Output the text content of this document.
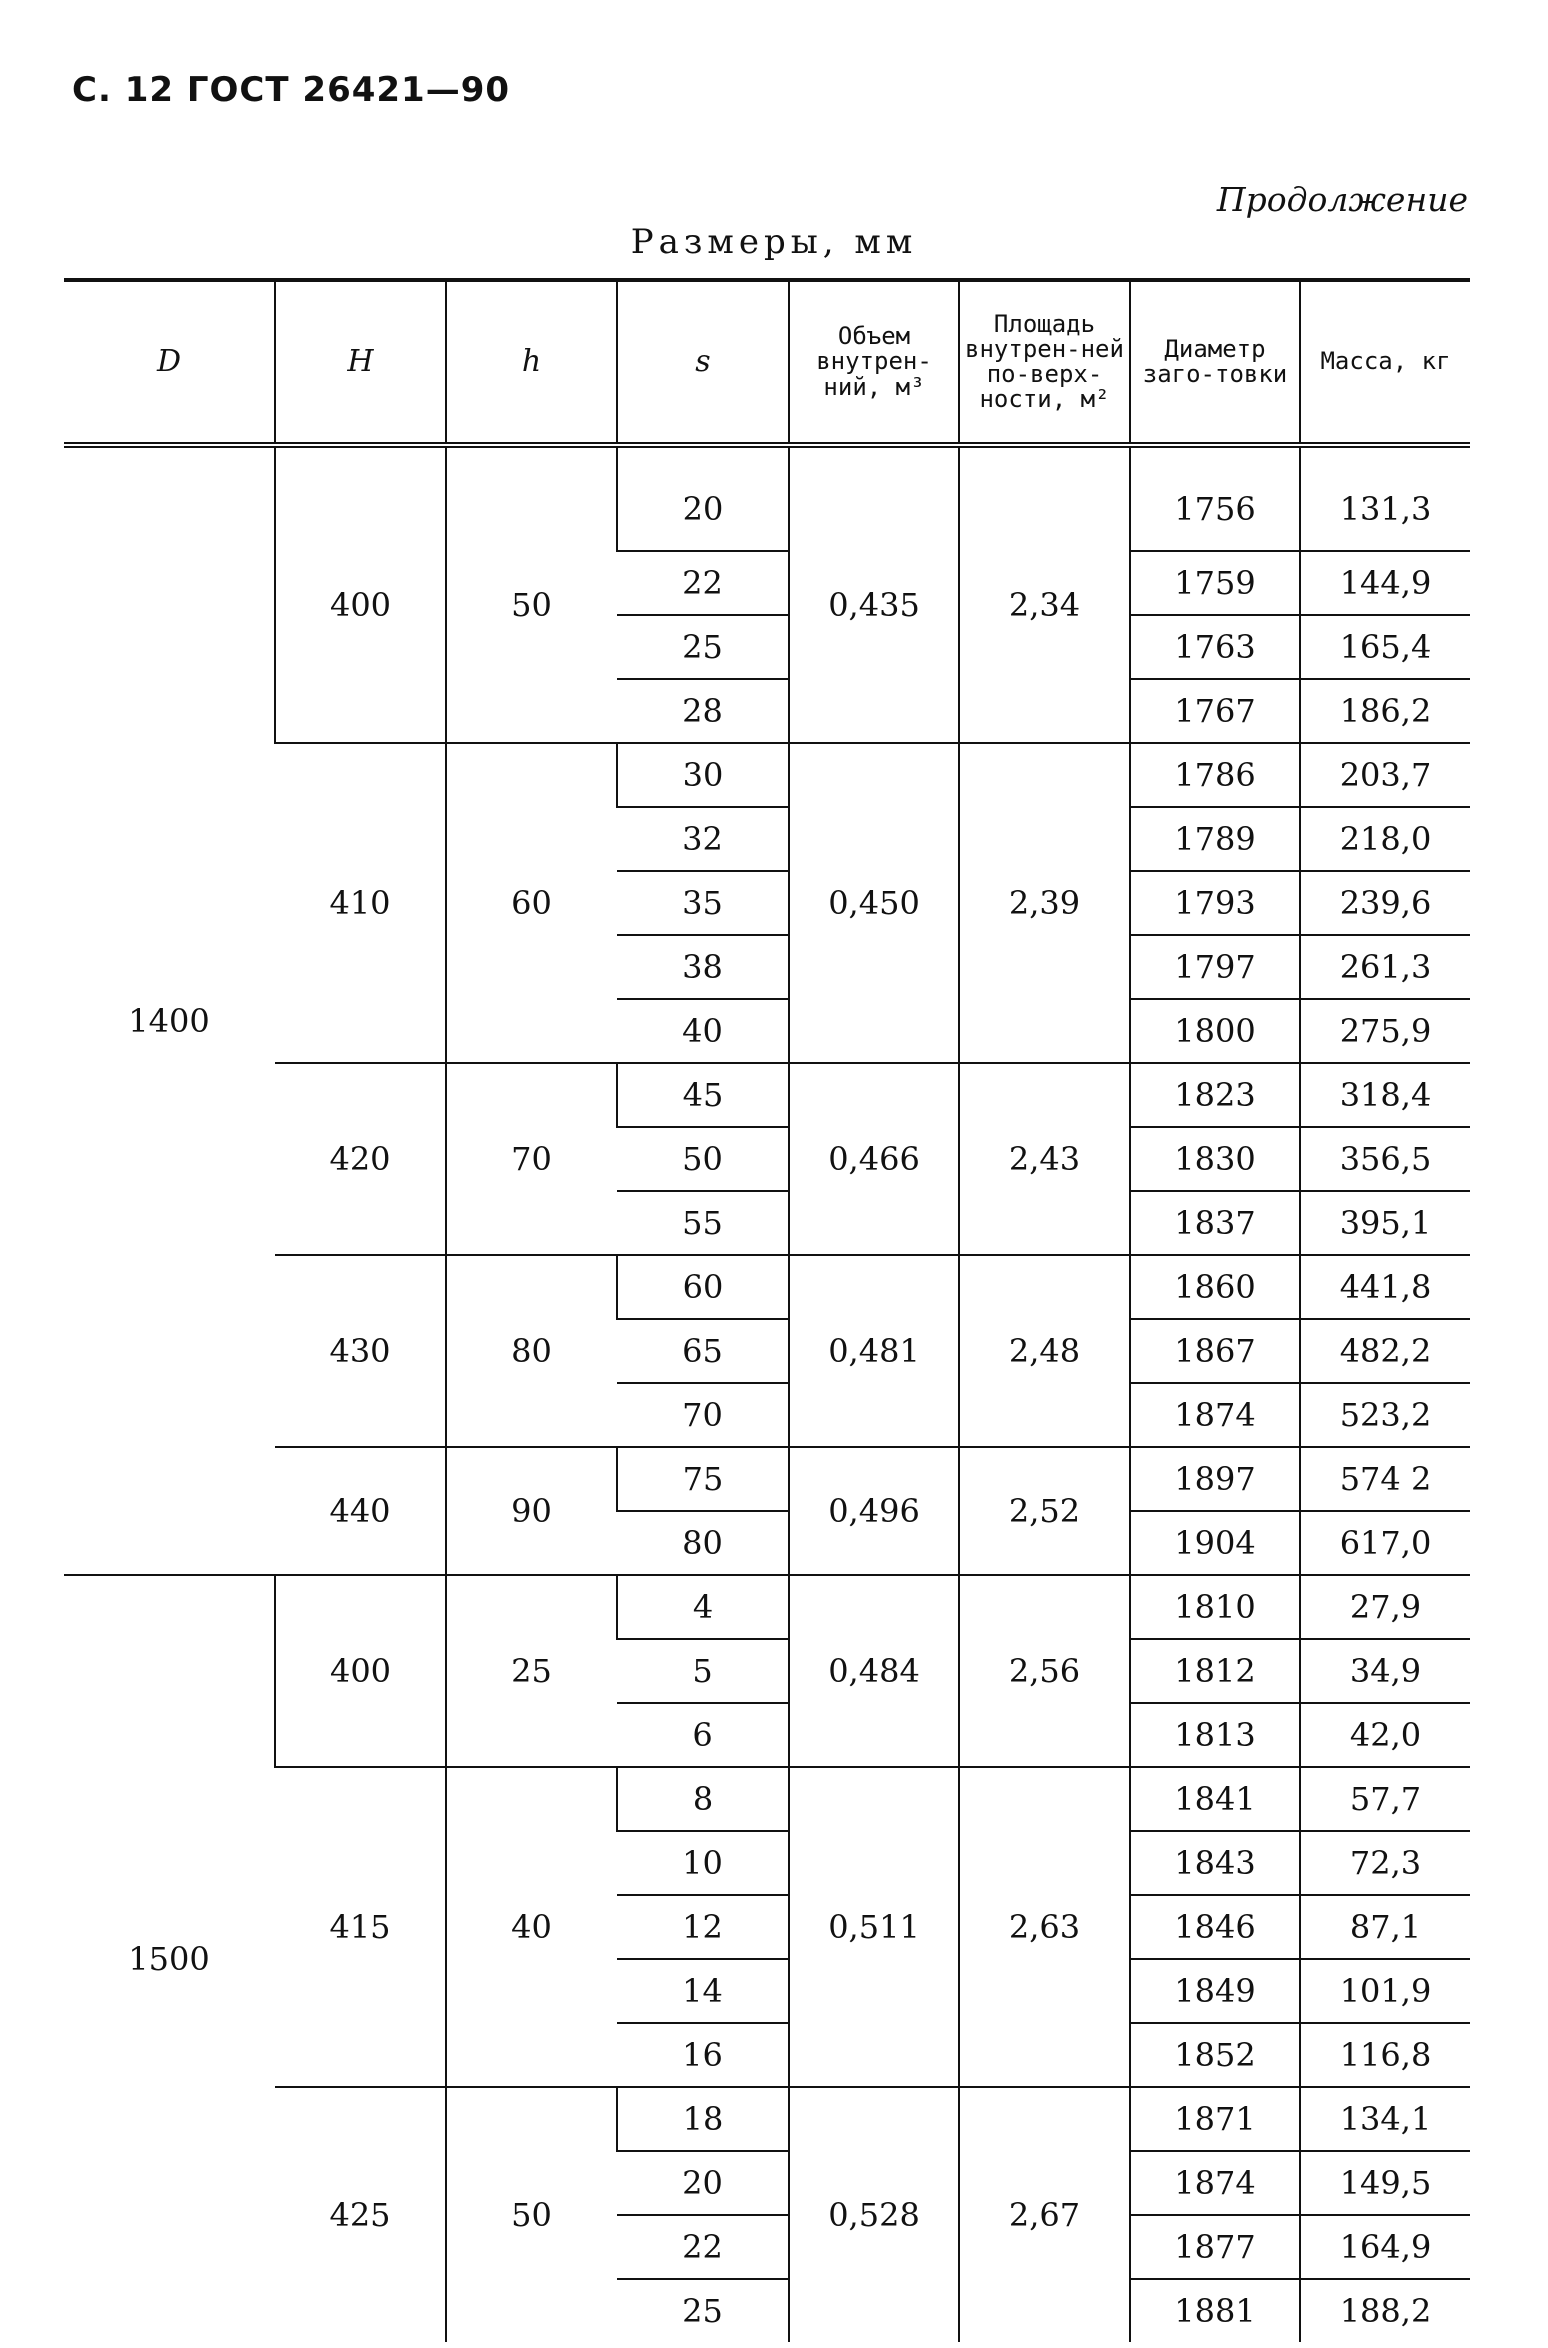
С. 12 ГОСТ 26421—90
Продолжение
Размеры, мм
D	H	h	s	Объем внутрен-ний, м³	Площадь внутрен-ней по-верх-ности, м²	Диаметр заго-товки	Масса, кг
1400	400	50	20	0,435	2,34	1756	131,3
			22			1759	144,9
			25			1763	165,4
			28			1767	186,2
	410	60	30	0,450	2,39	1786	203,7
			32			1789	218,0
			35			1793	239,6
			38			1797	261,3
			40			1800	275,9
	420	70	45	0,466	2,43	1823	318,4
			50			1830	356,5
			55			1837	395,1
	430	80	60	0,481	2,48	1860	441,8
			65			1867	482,2
			70			1874	523,2
	440	90	75	0,496	2,52	1897	574 2
			80			1904	617,0
1500	400	25	4	0,484	2,56	1810	27,9
			5			1812	34,9
			6			1813	42,0
	415	40	8	0,511	2,63	1841	57,7
			10			1843	72,3
			12			1846	87,1
			14			1849	101,9
			16			1852	116,8
	425	50	18	0,528	2,67	1871	134,1
			20			1874	149,5
			22			1877	164,9
			25			1881	188,2
